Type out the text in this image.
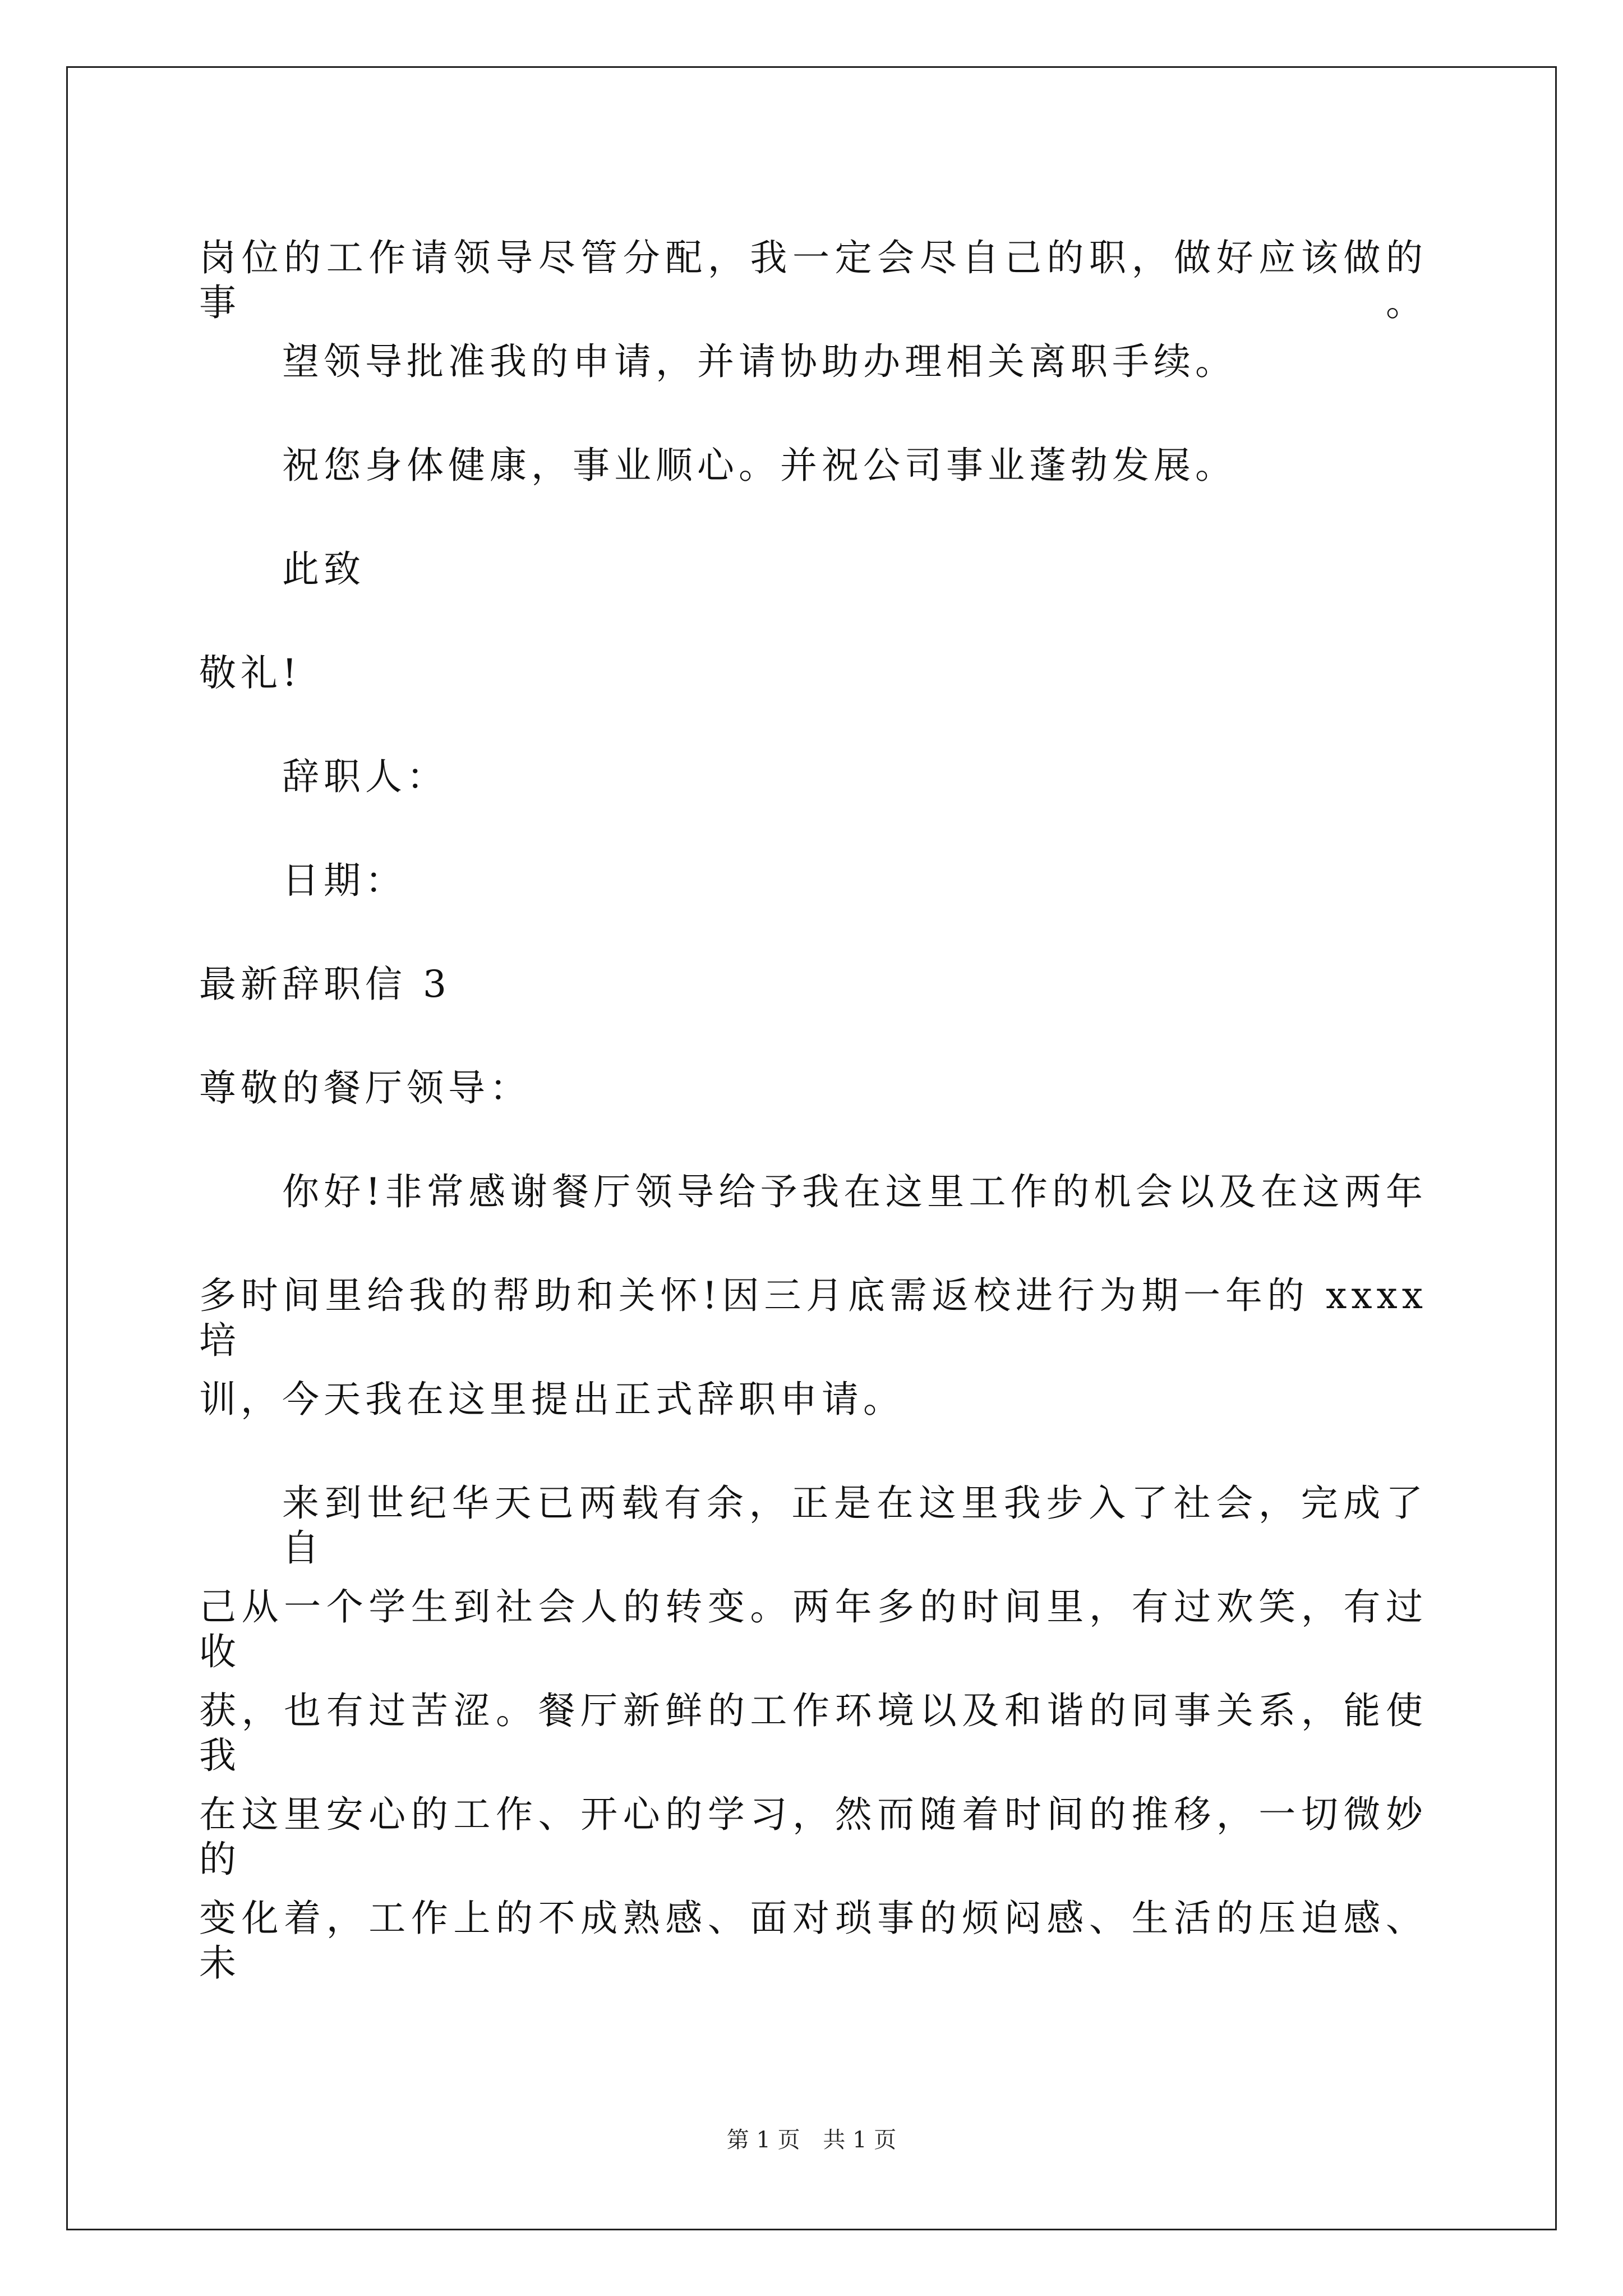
岗位的工作请领导尽管分配，我一定会尽自己的职，做好应该做的事。
望领导批准我的申请，并请协助办理相关离职手续。
祝您身体健康，事业顺心。并祝公司事业蓬勃发展。
此致
敬礼!
辞职人：
日期：
最新辞职信 3
尊敬的餐厅领导：
你好!非常感谢餐厅领导给予我在这里工作的机会以及在这两年
多时间里给我的帮助和关怀!因三月底需返校进行为期一年的 xxxx 培
训，今天我在这里提出正式辞职申请。
来到世纪华天已两载有余，正是在这里我步入了社会，完成了自
己从一个学生到社会人的转变。两年多的时间里，有过欢笑，有过收
获，也有过苦涩。餐厅新鲜的工作环境以及和谐的同事关系，能使我
在这里安心的工作、开心的学习，然而随着时间的推移，一切微妙的
变化着，工作上的不成熟感、面对琐事的烦闷感、生活的压迫感、未
第 1 页 共 1 页
